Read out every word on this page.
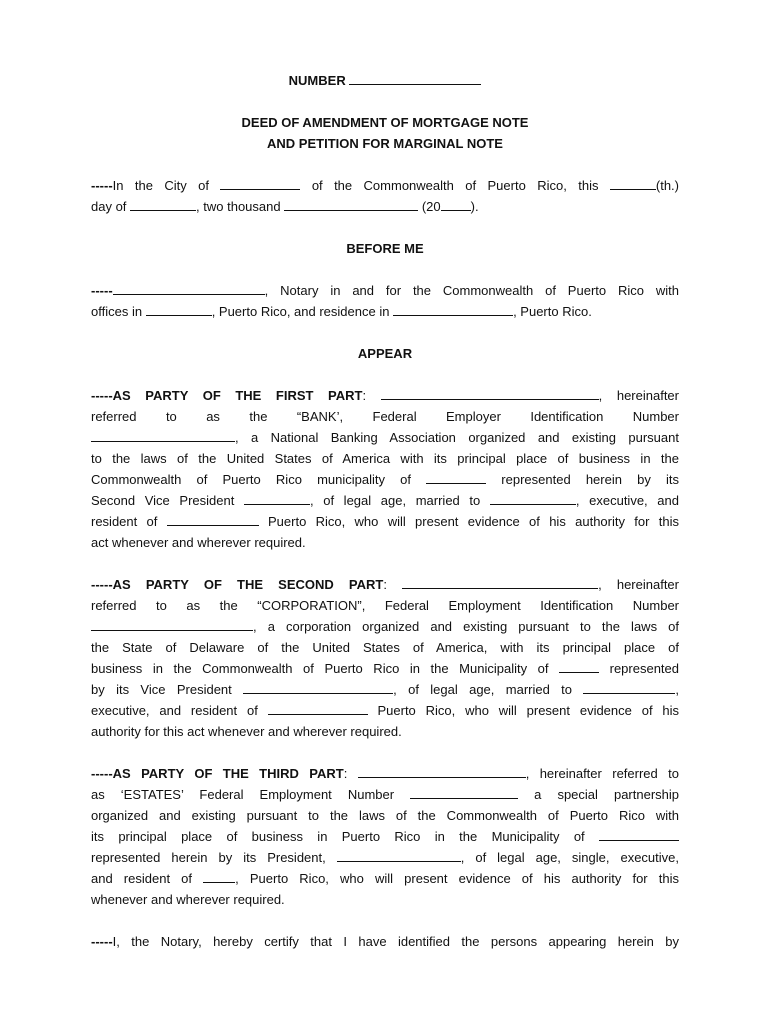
NUMBER

DEED OF AMENDMENT OF MORTGAGE NOTE

AND PETITION FOR MARGINAL NOTE

-----In the City of	of the Commonwealth of Puerto Rico, this	(th.)
day of	, two thousand	(20 ).

BEFORE ME

-----	, Notary in and for the Commonwealth of Puerto Rico with
offices in	, Puerto Rico, and residence in	, Puerto Rico.

APPEAR

-----AS PARTY OF THE FIRST PART:	, hereinafter
referred to as the “BANK’, Federal Employer Identification Number
, a National Banking Association organized and existing pursuant
to the laws of the United States of America with its principal place of business in the
Commonwealth of Puerto Rico municipality of	represented herein by its
Second Vice President	, of legal age, married to	, executive, and
resident of	Puerto Rico, who will present evidence of his authority for this
act whenever and wherever required.
-----AS PARTY OF THE SECOND PART:	, hereinafter
referred to as the “CORPORATION”, Federal Employment Identification Number
, a corporation organized and existing pursuant to the laws of
the State of Delaware of the United States of America, with its principal place of
business in the Commonwealth of Puerto Rico in the Municipality of	represented
by its Vice President	, of legal age, married to	,
executive, and resident of	Puerto Rico, who will present evidence of his
authority for this act whenever and wherever required.
-----AS PARTY OF THE THIRD PART:	, hereinafter referred to
as ‘ESTATES’ Federal Employment Number	a special partnership
organized and existing pursuant to the laws of the Commonwealth of Puerto Rico with
its principal place of business in Puerto Rico in the Municipality of
represented herein by its President,	, of legal age, single, executive,
and resident of , Puerto Rico, who will present evidence of his authority for this
whenever and wherever required.
-----I, the Notary, hereby certify that I have identified the persons appearing herein by
